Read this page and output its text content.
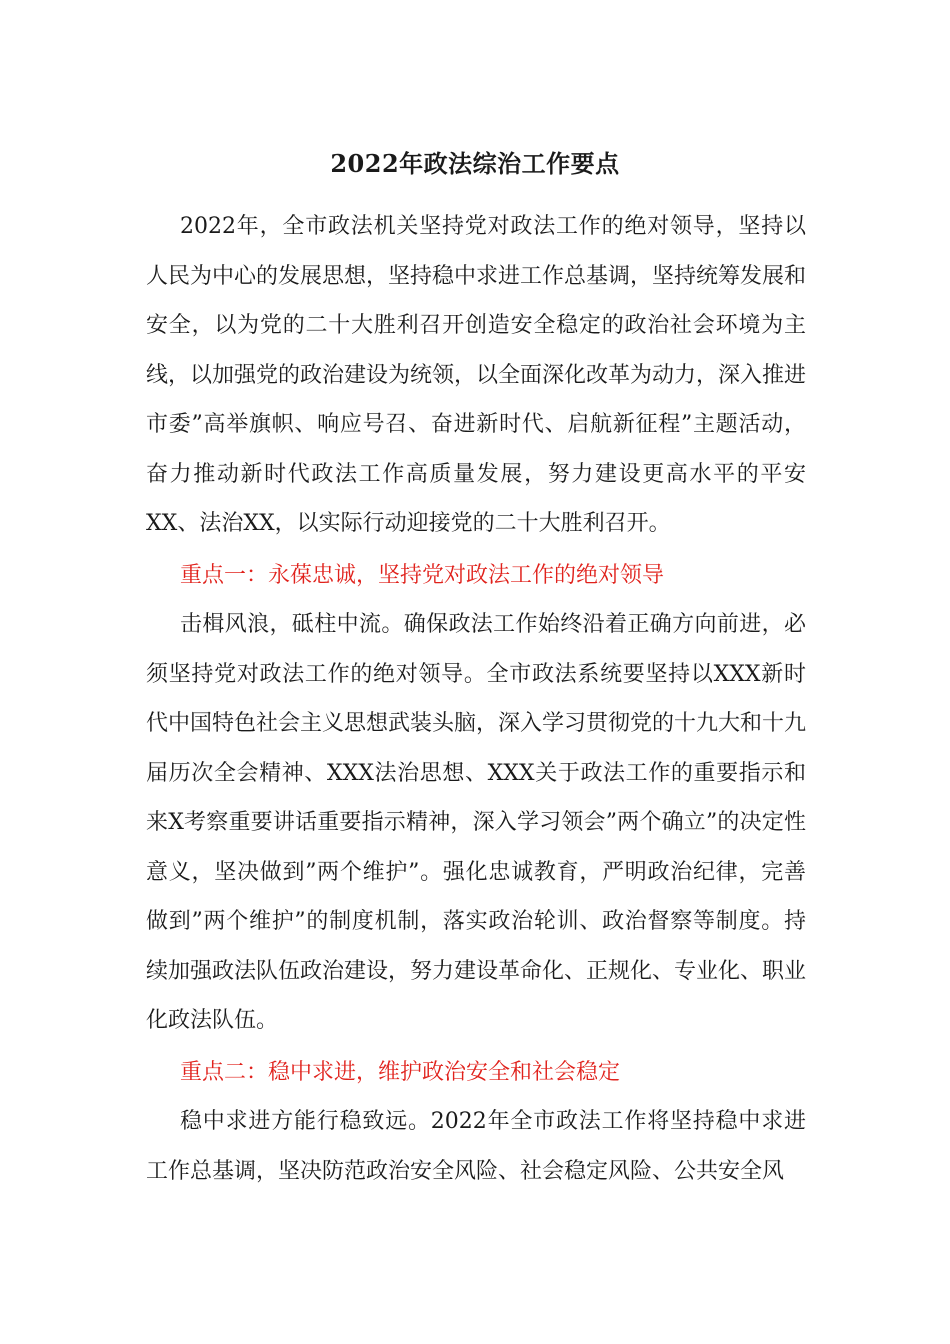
2022年政法综治工作要点

2022年，全市政法机关坚持党对政法工作的绝对领导，坚持以人民为中心的发展思想，坚持稳中求进工作总基调，坚持统筹发展和安全，以为党的二十大胜利召开创造安全稳定的政治社会环境为主线，以加强党的政治建设为统领，以全面深化改革为动力，深入推进市委”高举旗帜、响应号召、奋进新时代、启航新征程”主题活动，奋力推动新时代政法工作高质量发展，努力建设更高水平的平安XX、法治XX，以实际行动迎接党的二十大胜利召开。

重点一：永葆忠诚，坚持党对政法工作的绝对领导

击楫风浪，砥柱中流。确保政法工作始终沿着正确方向前进，必须坚持党对政法工作的绝对领导。全市政法系统要坚持以XXX新时代中国特色社会主义思想武装头脑，深入学习贯彻党的十九大和十九届历次全会精神、XXX法治思想、XXX关于政法工作的重要指示和来X考察重要讲话重要指示精神，深入学习领会”两个确立”的决定性意义，坚决做到”两个维护”。强化忠诚教育，严明政治纪律，完善做到”两个维护”的制度机制，落实政治轮训、政治督察等制度。持续加强政法队伍政治建设，努力建设革命化、正规化、专业化、职业化政法队伍。

重点二：稳中求进，维护政治安全和社会稳定

稳中求进方能行稳致远。2022年全市政法工作将坚持稳中求进工作总基调，坚决防范政治安全风险、社会稳定风险、公共安全风
